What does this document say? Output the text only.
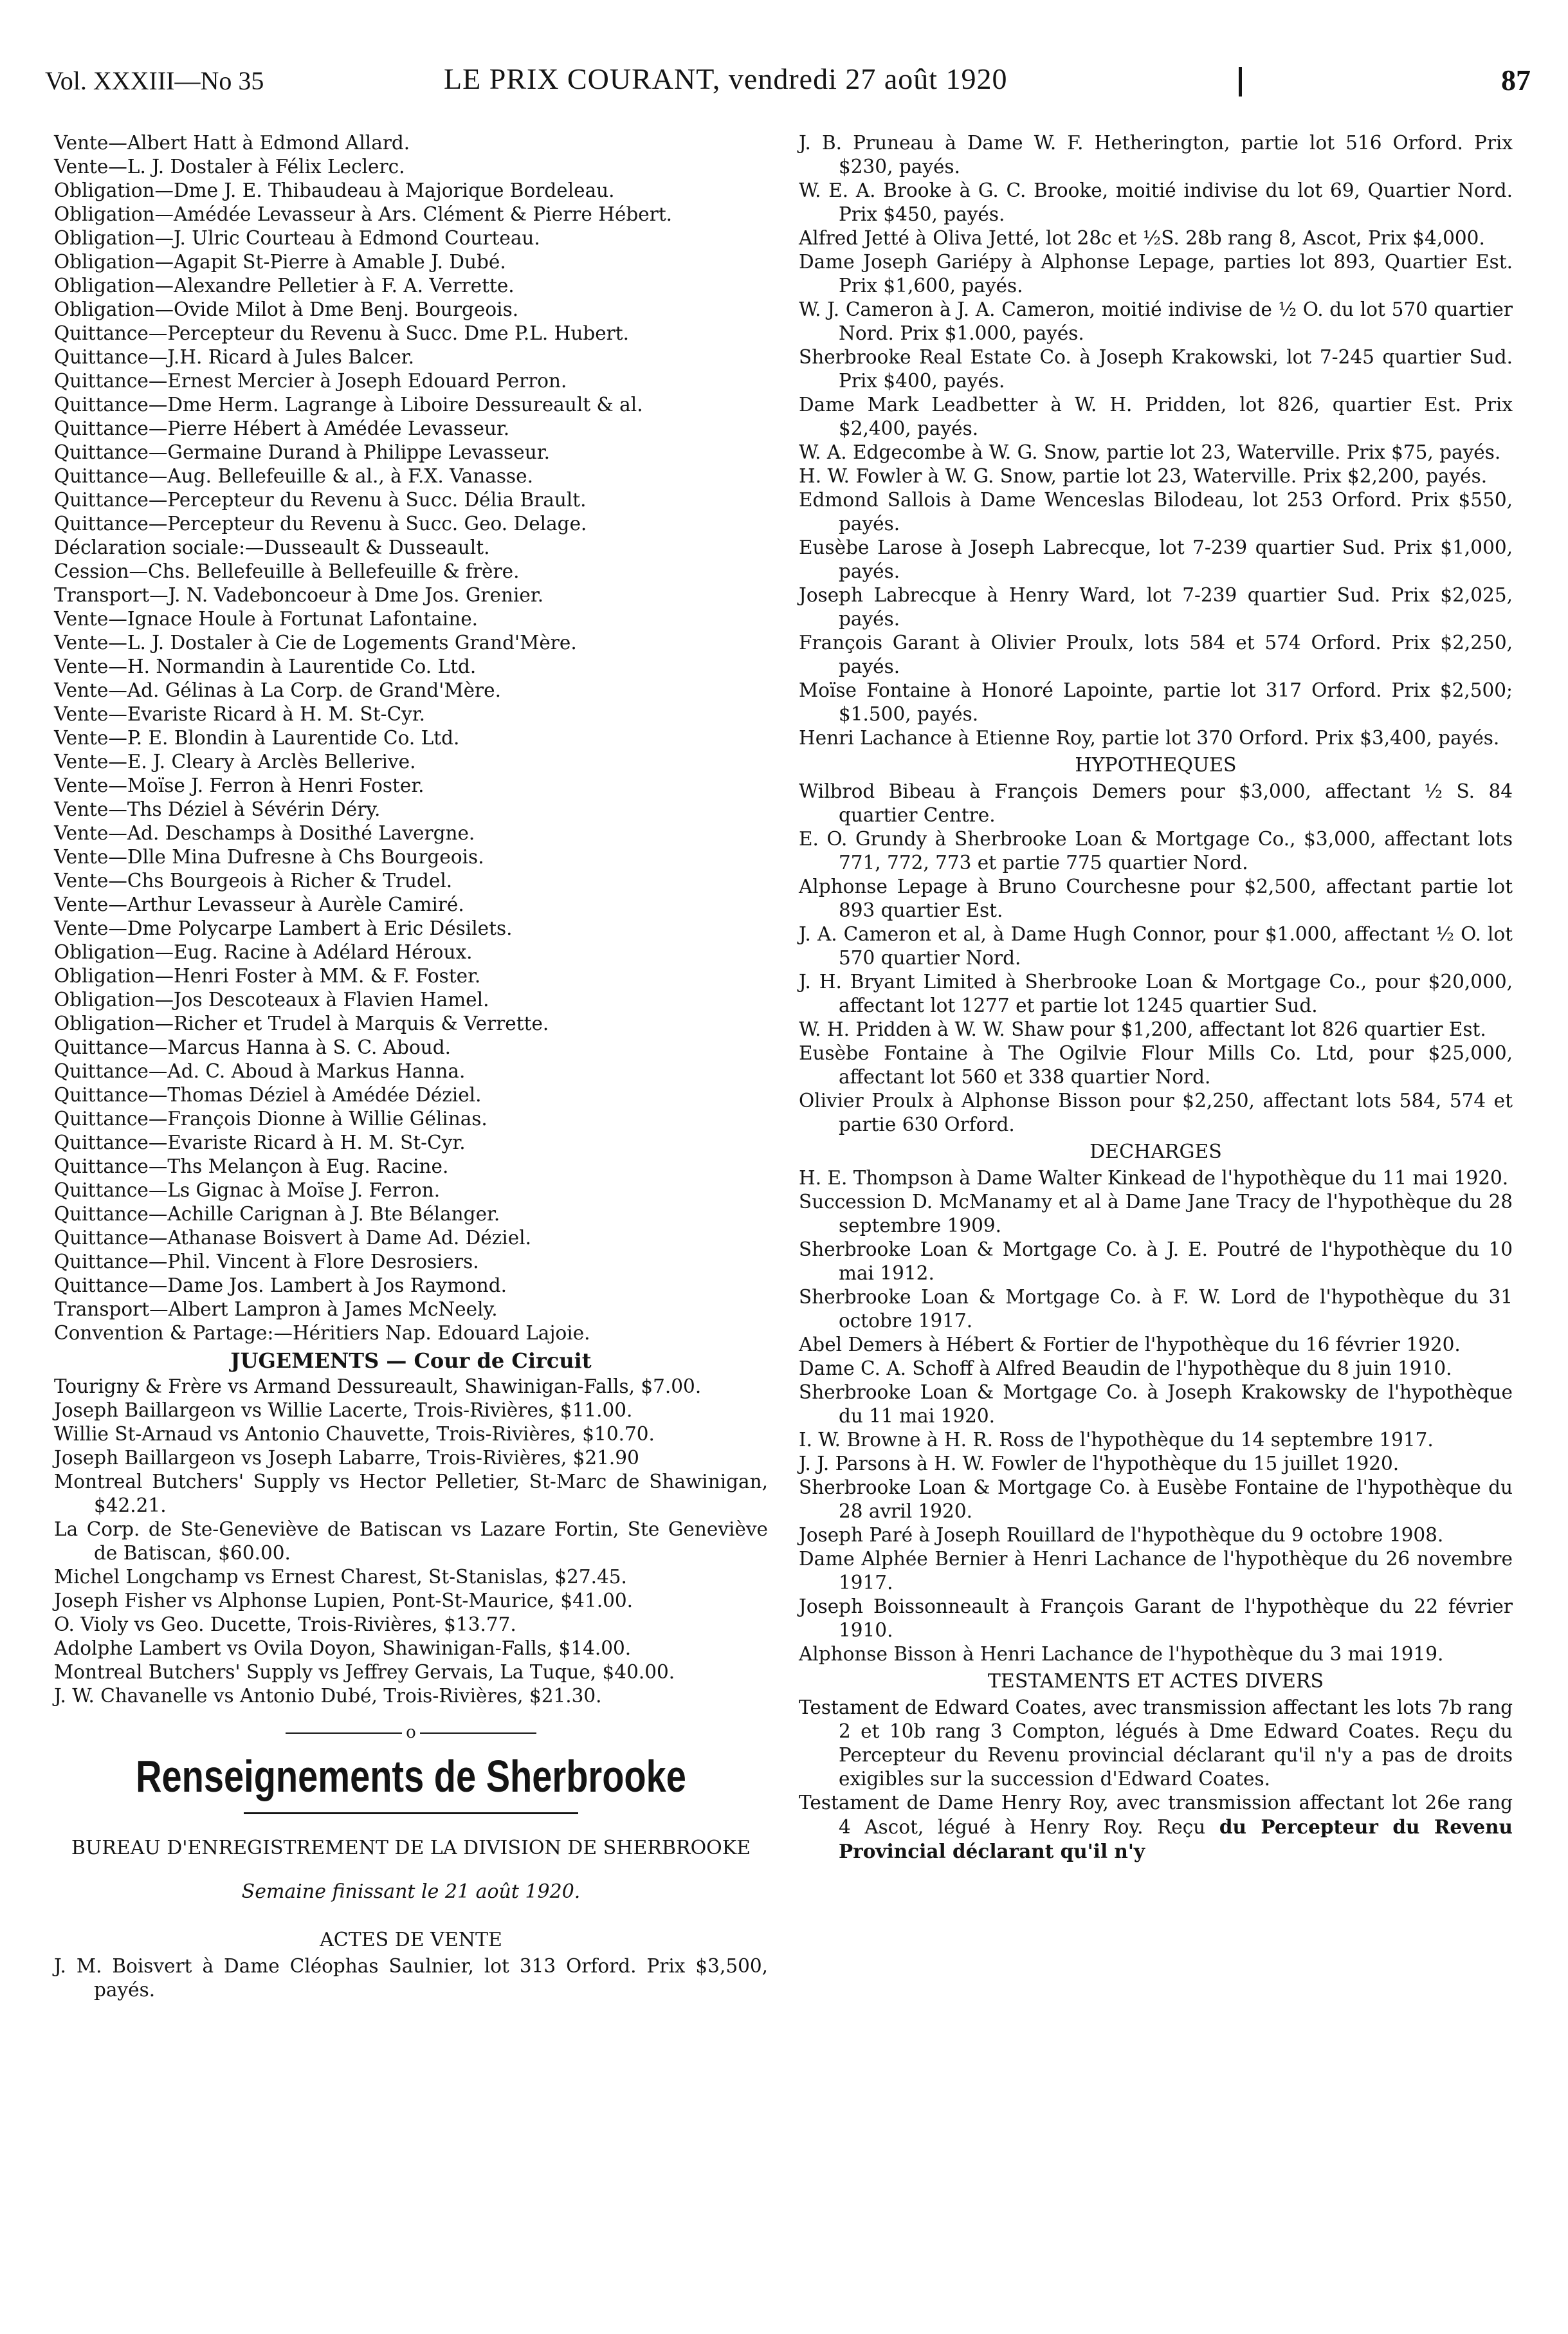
Vol. XXXIII—No 35	LE PRIX COURANT, vendredi 27 août 1920	87

Vente—Albert Hatt à Edmond Allard.

Vente—L. J. Dostaler à Félix Leclerc.

Obligation—Dme J. E. Thibaudeau à Majorique Bordeleau.

Obligation—Amédée Levasseur à Ars. Clément & Pierre Hébert.

Obligation—J. Ulric Courteau à Edmond Courteau.

Obligation—Agapit St-Pierre à Amable J. Dubé.

Obligation—Alexandre Pelletier à F. A. Verrette.

Obligation—Ovide Milot à Dme Benj. Bourgeois.

Quittance—Percepteur du Revenu à Succ. Dme P.L. Hubert.

Quittance—J.H. Ricard à Jules Balcer.

Quittance—Ernest Mercier à Joseph Edouard Perron.

Quittance—Dme Herm. Lagrange à Liboire Dessureault & al.

Quittance—Pierre Hébert à Amédée Levasseur.

Quittance—Germaine Durand à Philippe Levasseur.

Quittance—Aug. Bellefeuille & al., à F.X. Vanasse.

Quittance—Percepteur du Revenu à Succ. Délia Brault.

Quittance—Percepteur du Revenu à Succ. Geo. Delage.

Déclaration sociale:—Dusseault & Dusseault.

Cession—Chs. Bellefeuille à Bellefeuille & frère.

Transport—J. N. Vadeboncoeur à Dme Jos. Grenier.

Vente—Ignace Houle à Fortunat Lafontaine.

Vente—L. J. Dostaler à Cie de Logements Grand'Mère.

Vente—H. Normandin à Laurentide Co. Ltd.

Vente—Ad. Gélinas à La Corp. de Grand'Mère.

Vente—Evariste Ricard à H. M. St-Cyr.

Vente—P. E. Blondin à Laurentide Co. Ltd.

Vente—E. J. Cleary à Arclès Bellerive.

Vente—Moïse J. Ferron à Henri Foster.

Vente—Ths Déziel à Sévérin Déry.

Vente—Ad. Deschamps à Dosithé Lavergne.

Vente—Dlle Mina Dufresne à Chs Bourgeois.

Vente—Chs Bourgeois à Richer & Trudel.

Vente—Arthur Levasseur à Aurèle Camiré.

Vente—Dme Polycarpe Lambert à Eric Désilets.

Obligation—Eug. Racine à Adélard Héroux.

Obligation—Henri Foster à MM. & F. Foster.

Obligation—Jos Descoteaux à Flavien Hamel.

Obligation—Richer et Trudel à Marquis & Verrette.

Quittance—Marcus Hanna à S. C. Aboud.

Quittance—Ad. C. Aboud à Markus Hanna.

Quittance—Thomas Déziel à Amédée Déziel.

Quittance—François Dionne à Willie Gélinas.

Quittance—Evariste Ricard à H. M. St-Cyr.

Quittance—Ths Melançon à Eug. Racine.

Quittance—Ls Gignac à Moïse J. Ferron.

Quittance—Achille Carignan à J. Bte Bélanger.

Quittance—Athanase Boisvert à Dame Ad. Déziel.

Quittance—Phil. Vincent à Flore Desrosiers.

Quittance—Dame Jos. Lambert à Jos Raymond.

Transport—Albert Lampron à James McNeely.

Convention & Partage:—Héritiers Nap. Edouard Lajoie.

JUGEMENTS — Cour de Circuit

Tourigny & Frère vs Armand Dessureault, Shawinigan-Falls, $7.00.

Joseph Baillargeon vs Willie Lacerte, Trois-Rivières, $11.00.

Willie St-Arnaud vs Antonio Chauvette, Trois-Rivières, $10.70.

Joseph Baillargeon vs Joseph Labarre, Trois-Rivières, $21.90

Montreal Butchers' Supply vs Hector Pelletier, St-Marc de Shawinigan, $42.21.

La Corp. de Ste-Geneviève de Batiscan vs Lazare Fortin, Ste Geneviève de Batiscan, $60.00.

Michel Longchamp vs Ernest Charest, St-Stanislas, $27.45.

Joseph Fisher vs Alphonse Lupien, Pont-St-Maurice, $41.00.

O. Violy vs Geo. Ducette, Trois-Rivières, $13.77.

Adolphe Lambert vs Ovila Doyon, Shawinigan-Falls, $14.00.

Montreal Butchers' Supply vs Jeffrey Gervais, La Tuque, $40.00.

J. W. Chavanelle vs Antonio Dubé, Trois-Rivières, $21.30.

o
Renseignements de Sherbrooke
BUREAU D'ENREGISTREMENT DE LA DIVISION DE SHERBROOKE
Semaine finissant le 21 août 1920.
ACTES DE VENTE

J. M. Boisvert à Dame Cléophas Saulnier, lot 313 Orford. Prix $3,500, payés.

J. B. Pruneau à Dame W. F. Hetherington, partie lot 516 Orford. Prix $230, payés.

W. E. A. Brooke à G. C. Brooke, moitié indivise du lot 69, Quartier Nord. Prix $450, payés.

Alfred Jetté à Oliva Jetté, lot 28c et ½S. 28b rang 8, Ascot, Prix $4,000.

Dame Joseph Gariépy à Alphonse Lepage, parties lot 893, Quartier Est. Prix $1,600, payés.

W. J. Cameron à J. A. Cameron, moitié indivise de ½ O. du lot 570 quartier Nord. Prix $1.000, payés.

Sherbrooke Real Estate Co. à Joseph Krakowski, lot 7-245 quartier Sud. Prix $400, payés.

Dame Mark Leadbetter à W. H. Pridden, lot 826, quartier Est. Prix $2,400, payés.

W. A. Edgecombe à W. G. Snow, partie lot 23, Waterville. Prix $75, payés.

H. W. Fowler à W. G. Snow, partie lot 23, Waterville. Prix $2,200, payés.

Edmond Sallois à Dame Wenceslas Bilodeau, lot 253 Orford. Prix $550, payés.

Eusèbe Larose à Joseph Labrecque, lot 7-239 quartier Sud. Prix $1,000, payés.

Joseph Labrecque à Henry Ward, lot 7-239 quartier Sud. Prix $2,025, payés.

François Garant à Olivier Proulx, lots 584 et 574 Orford. Prix $2,250, payés.

Moïse Fontaine à Honoré Lapointe, partie lot 317 Orford. Prix $2,500; $1.500, payés.

Henri Lachance à Etienne Roy, partie lot 370 Orford. Prix $3,400, payés.

HYPOTHEQUES

Wilbrod Bibeau à François Demers pour $3,000, affectant ½ S. 84 quartier Centre.

E. O. Grundy à Sherbrooke Loan & Mortgage Co., $3,000, affectant lots 771, 772, 773 et partie 775 quartier Nord.

Alphonse Lepage à Bruno Courchesne pour $2,500, affectant partie lot 893 quartier Est.

J. A. Cameron et al, à Dame Hugh Connor, pour $1.000, affectant ½ O. lot 570 quartier Nord.

J. H. Bryant Limited à Sherbrooke Loan & Mortgage Co., pour $20,000, affectant lot 1277 et partie lot 1245 quartier Sud.

W. H. Pridden à W. W. Shaw pour $1,200, affectant lot 826 quartier Est.

Eusèbe Fontaine à The Ogilvie Flour Mills Co. Ltd, pour $25,000, affectant lot 560 et 338 quartier Nord.

Olivier Proulx à Alphonse Bisson pour $2,250, affectant lots 584, 574 et partie 630 Orford.

DECHARGES

H. E. Thompson à Dame Walter Kinkead de l'hypothèque du 11 mai 1920.

Succession D. McManamy et al à Dame Jane Tracy de l'hypothèque du 28 septembre 1909.

Sherbrooke Loan & Mortgage Co. à J. E. Poutré de l'hypothèque du 10 mai 1912.

Sherbrooke Loan & Mortgage Co. à F. W. Lord de l'hypothèque du 31 octobre 1917.

Abel Demers à Hébert & Fortier de l'hypothèque du 16 février 1920.

Dame C. A. Schoff à Alfred Beaudin de l'hypothèque du 8 juin 1910.

Sherbrooke Loan & Mortgage Co. à Joseph Krakowsky de l'hypothèque du 11 mai 1920.

I. W. Browne à H. R. Ross de l'hypothèque du 14 septembre 1917.

J. J. Parsons à H. W. Fowler de l'hypothèque du 15 juillet 1920.

Sherbrooke Loan & Mortgage Co. à Eusèbe Fontaine de l'hypothèque du 28 avril 1920.

Joseph Paré à Joseph Rouillard de l'hypothèque du 9 octobre 1908.

Dame Alphée Bernier à Henri Lachance de l'hypothèque du 26 novembre 1917.

Joseph Boissonneault à François Garant de l'hypothèque du 22 février 1910.

Alphonse Bisson à Henri Lachance de l'hypothèque du 3 mai 1919.

TESTAMENTS ET ACTES DIVERS

Testament de Edward Coates, avec transmission affectant les lots 7b rang 2 et 10b rang 3 Compton, légués à Dme Edward Coates. Reçu du Percepteur du Revenu provincial déclarant qu'il n'y a pas de droits exigibles sur la succession d'Edward Coates.

Testament de Dame Henry Roy, avec transmission affectant lot 26e rang 4 Ascot, légué à Henry Roy. Reçu du Percepteur du Revenu Provincial déclarant qu'il n'y
